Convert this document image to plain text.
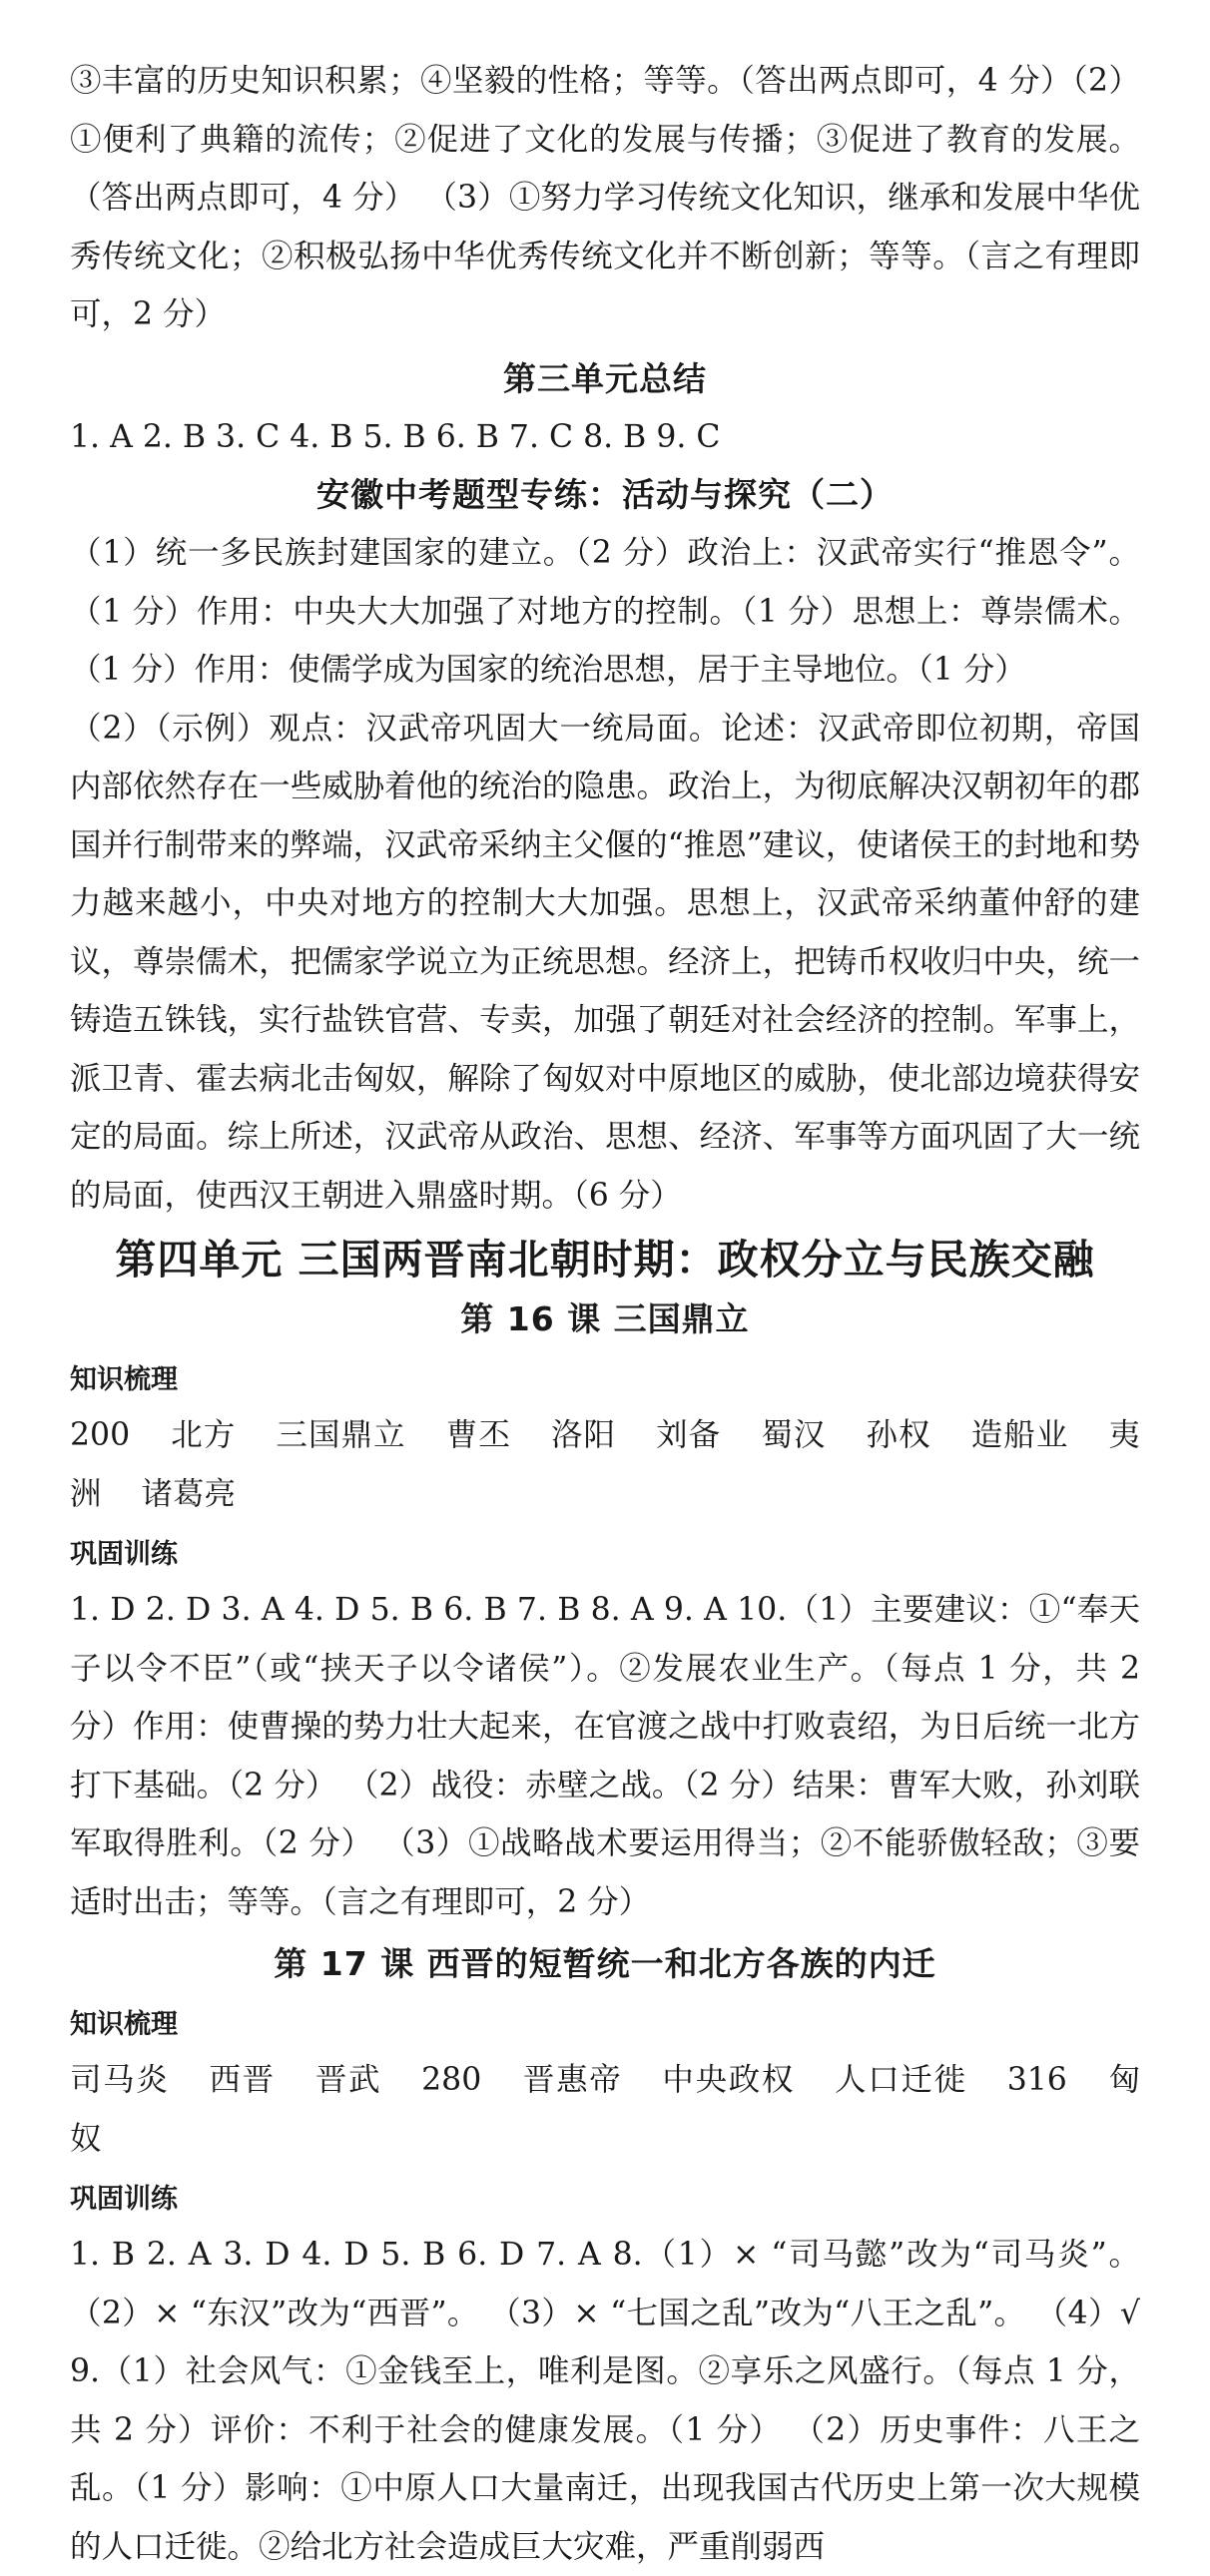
③丰富的历史知识积累；④坚毅的性格；等等。（答出两点即可，4 分）（2）①便利了典籍的流传；②促进了文化的发展与传播；③促进了教育的发展。（答出两点即可，4 分） （3）①努力学习传统文化知识，继承和发展中华优秀传统文化；②积极弘扬中华优秀传统文化并不断创新；等等。（言之有理即可，2 分）

第三单元总结

1. A 2. B 3. C 4. B 5. B 6. B 7. C 8. B 9. C

安徽中考题型专练：活动与探究（二）

（1）统一多民族封建国家的建立。（2 分）政治上：汉武帝实行“推恩令”。（1 分）作用：中央大大加强了对地方的控制。（1 分）思想上：尊崇儒术。（1 分）作用：使儒学成为国家的统治思想，居于主导地位。（1 分）

（2）（示例）观点：汉武帝巩固大一统局面。论述：汉武帝即位初期，帝国内部依然存在一些威胁着他的统治的隐患。政治上，为彻底解决汉朝初年的郡国并行制带来的弊端，汉武帝采纳主父偃的“推恩”建议，使诸侯王的封地和势力越来越小，中央对地方的控制大大加强。思想上，汉武帝采纳董仲舒的建议，尊崇儒术，把儒家学说立为正统思想。经济上，把铸币权收归中央，统一铸造五铢钱，实行盐铁官营、专卖，加强了朝廷对社会经济的控制。军事上，派卫青、霍去病北击匈奴，解除了匈奴对中原地区的威胁，使北部边境获得安定的局面。综上所述，汉武帝从政治、思想、经济、军事等方面巩固了大一统的局面，使西汉王朝进入鼎盛时期。（6 分）

第四单元 三国两晋南北朝时期：政权分立与民族交融
第 16 课 三国鼎立
知识梳理

200 北方 三国鼎立 曹丕 洛阳 刘备 蜀汉 孙权 造船业 夷洲 诸葛亮

巩固训练

1. D 2. D 3. A 4. D 5. B 6. B 7. B 8. A 9. A 10.（1）主要建议：①“奉天子以令不臣”（或“挟天子以令诸侯”）。②发展农业生产。（每点 1 分，共 2 分）作用：使曹操的势力壮大起来，在官渡之战中打败袁绍，为日后统一北方打下基础。（2 分） （2）战役：赤壁之战。（2 分）结果：曹军大败，孙刘联军取得胜利。（2 分） （3）①战略战术要运用得当；②不能骄傲轻敌；③要适时出击；等等。（言之有理即可，2 分）

第 17 课 西晋的短暂统一和北方各族的内迁
知识梳理

司马炎 西晋 晋武 280 晋惠帝 中央政权 人口迁徙 316 匈奴

巩固训练

1. B 2. A 3. D 4. D 5. B 6. D 7. A 8.（1）× “司马懿”改为“司马炎”。 （2）× “东汉”改为“西晋”。 （3）× “七国之乱”改为“八王之乱”。 （4）√ 9.（1）社会风气：①金钱至上，唯利是图。②享乐之风盛行。（每点 1 分，共 2 分）评价：不利于社会的健康发展。（1 分） （2）历史事件：八王之乱。（1 分）影响：①中原人口大量南迁，出现我国古代历史上第一次大规模的人口迁徙。②给北方社会造成巨大灾难，严重削弱西
